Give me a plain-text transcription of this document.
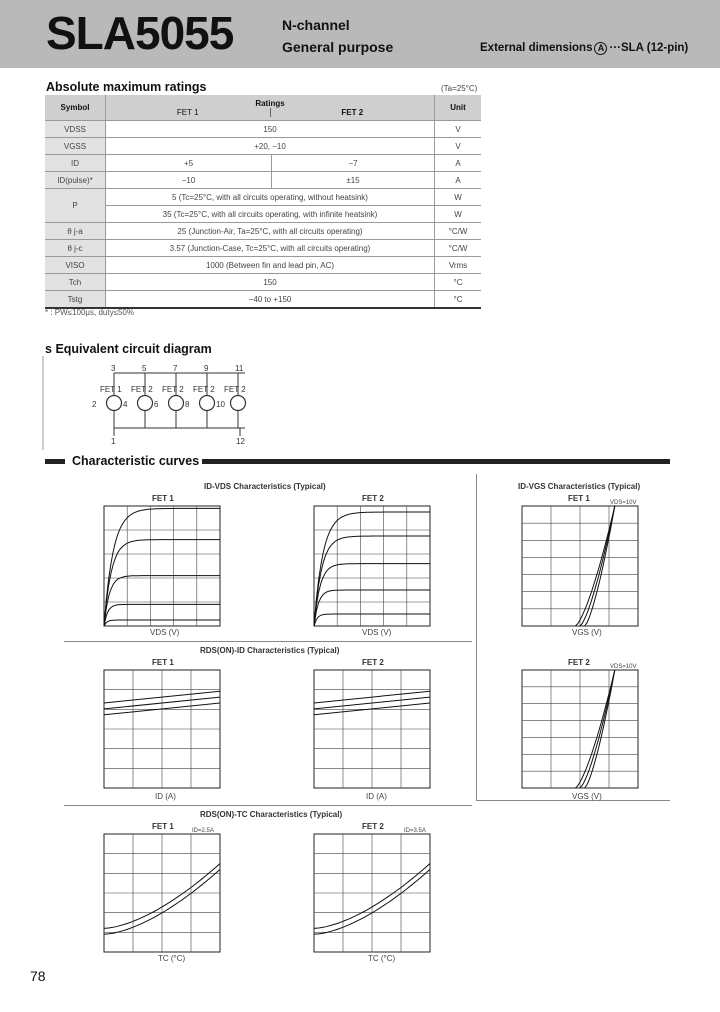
SLA5055	N-channel
General purpose	External dimensions A ···SLA (12-pin)
Absolute maximum ratings	(Ta=25°C)
Symbol	Ratings
FET 1 FET 2		Unit
VDSS	150		V
VGSS	+20, −10		V
ID	+5	−7	A
ID(pulse)*	−10	±15	A
P	5 (Tc=25°C, with all circuits operating, without heatsink)		W
	35 (Tc=25°C, with all circuits operating, with infinite heatsink)		W
θ j-a	25 (Junction-Air, Ta=25°C, with all circuits operating)		°C/W
θ j-c	3.57 (Junction-Case, Tc=25°C, with all circuits operating)		°C/W
VISO	1000 (Between fin and lead pin, AC)		Vrms
Tch	150		°C
Tstg	−40 to +150		°C
* : PW≤100µs, duty≤50%
s Equivalent circuit diagram
FET 1
3
2
FET 2
5
4
FET 2
7
6
FET 2
9
8
FET 2
11
10
1	12
Characteristic curves
ID-VDS Characteristics (Typical)	ID-VGS Characteristics (Typical)
RDS(ON)-ID Characteristics (Typical)
RDS(ON)-TC Characteristics (Typical)
FET 1	FET 2	FET 1
FET 1	FET 2	FET 2
FET 1	FET 2
VDS (V)	VDS (V)	VGS (V)
VGS (V)
ID (A)	ID (A)
TC (°C)	TC (°C)
VDS=10V
VDS=10V
ID=2.5A	ID=3.5A
78
